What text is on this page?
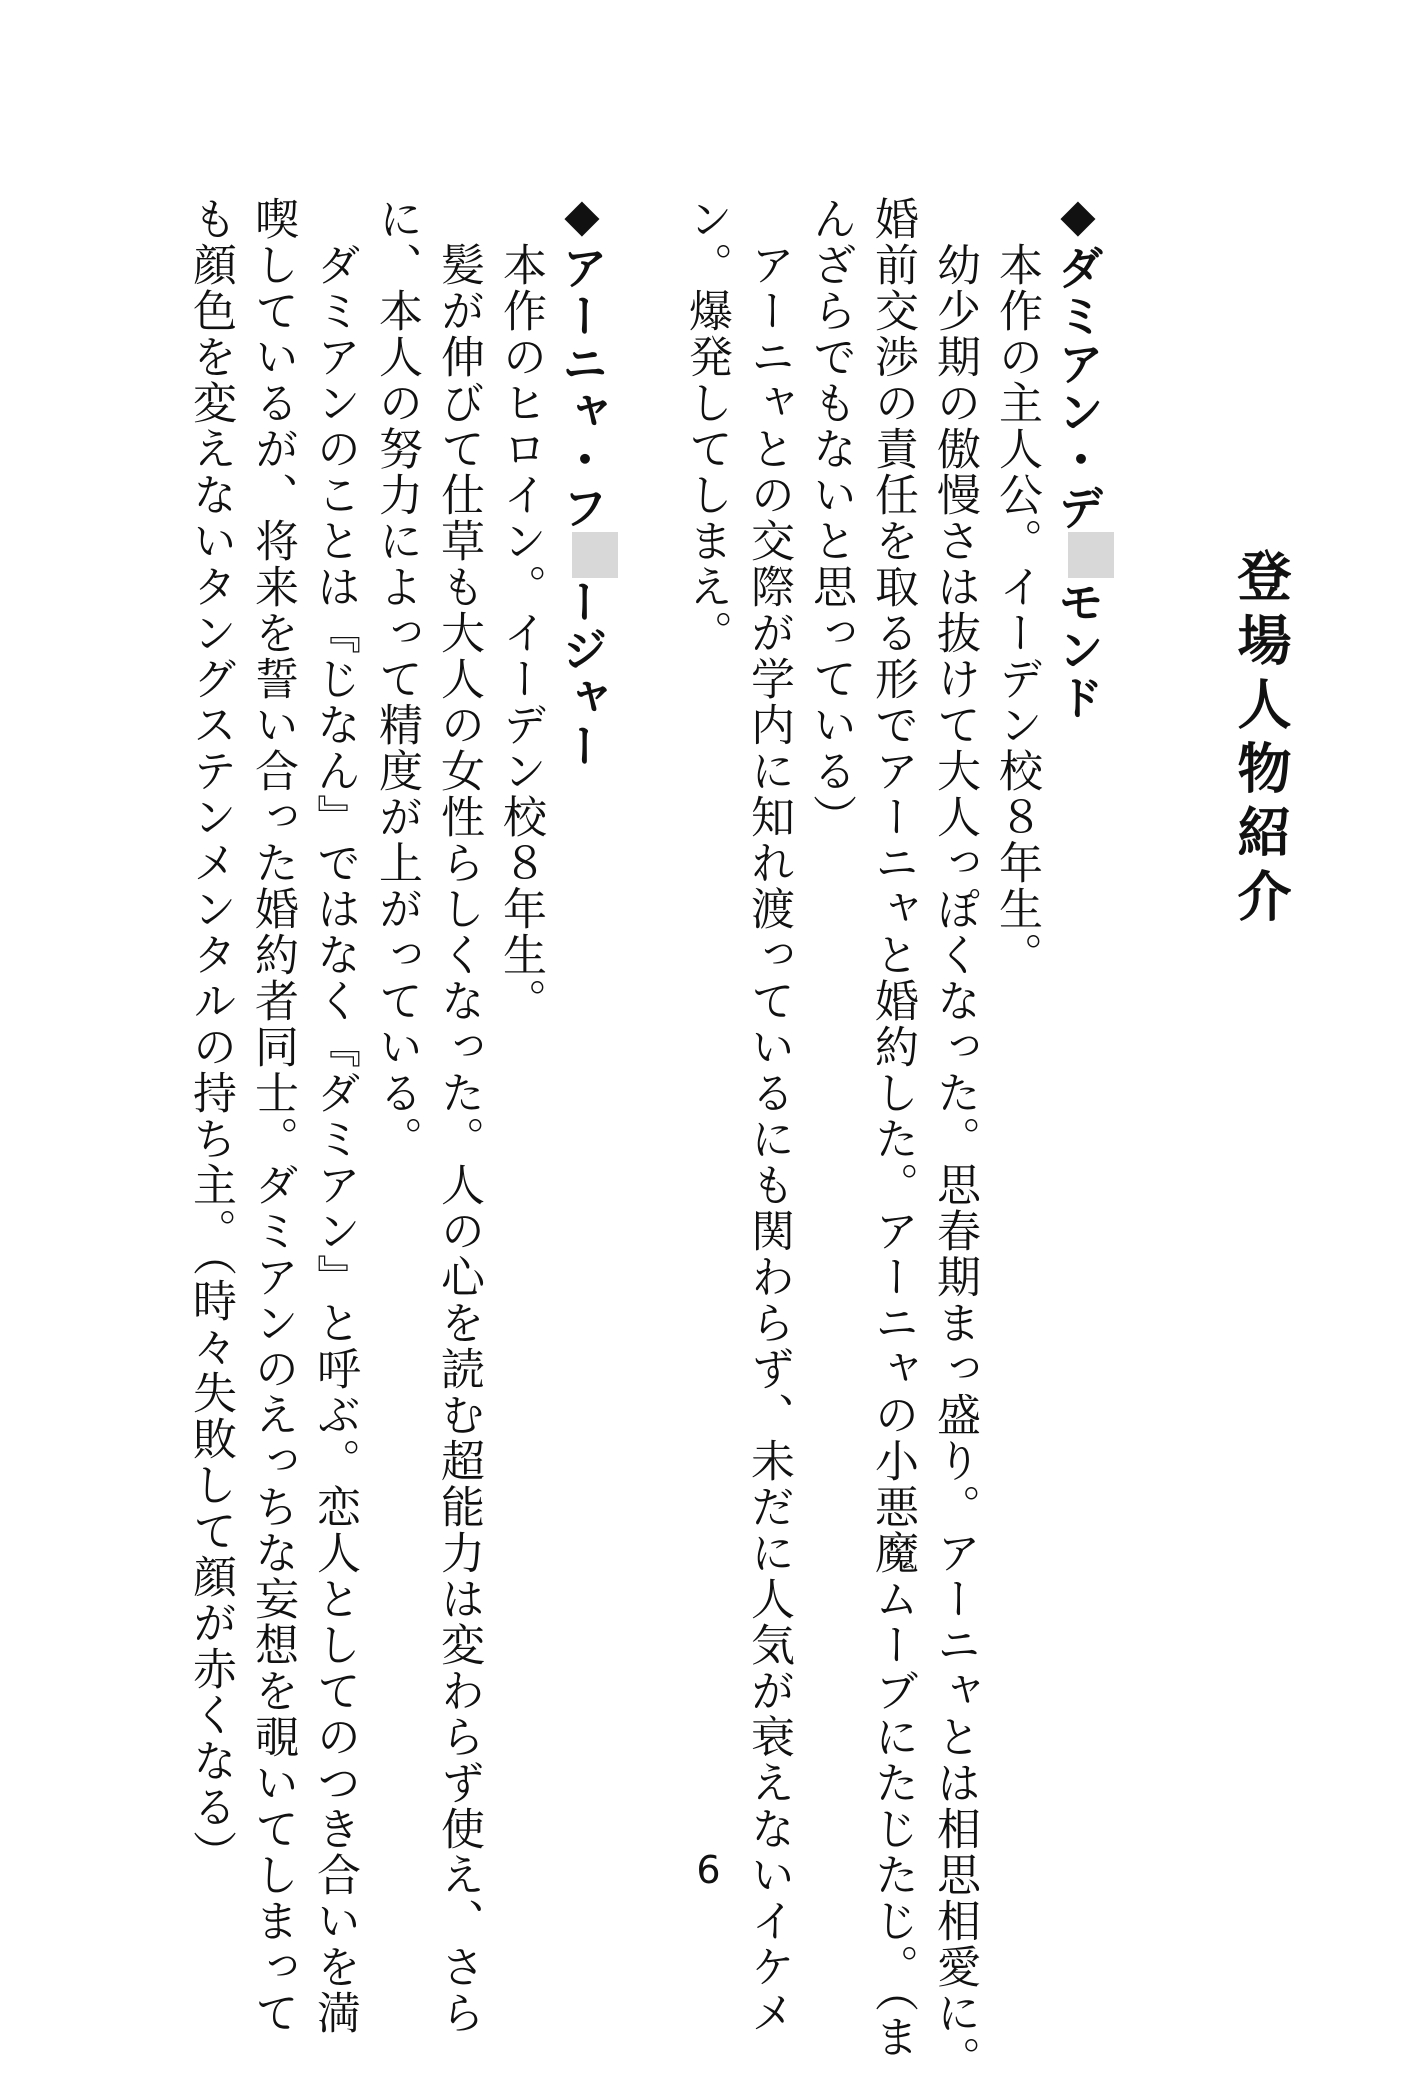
登場人物紹介
◆ダミアン・デモンド
　本作の主人公。イーデン校８年生。
　幼少期の傲慢さは抜けて大人っぽくなった。思春期まっ盛り。アーニャとは相思相愛に。
婚前交渉の責任を取る形でアーニャと婚約した。アーニャの小悪魔ムーブにたじたじ。（ま
んざらでもないと思っている）
　アーニャとの交際が学内に知れ渡っているにも関わらず、未だに人気が衰えないイケメ
ン。爆発してしまえ。
◆アーニャ・フージャー
　本作のヒロイン。イーデン校８年生。
　髪が伸びて仕草も大人の女性らしくなった。人の心を読む超能力は変わらず使え、さら
に、本人の努力によって精度が上がっている。
　ダミアンのことは『じなん』ではなく『ダミアン』と呼ぶ。恋人としてのつき合いを満
喫しているが、将来を誓い合った婚約者同士。ダミアンのえっちな妄想を覗いてしまって
も顔色を変えないタングステンメンタルの持ち主。（時々失敗して顔が赤くなる）	6
